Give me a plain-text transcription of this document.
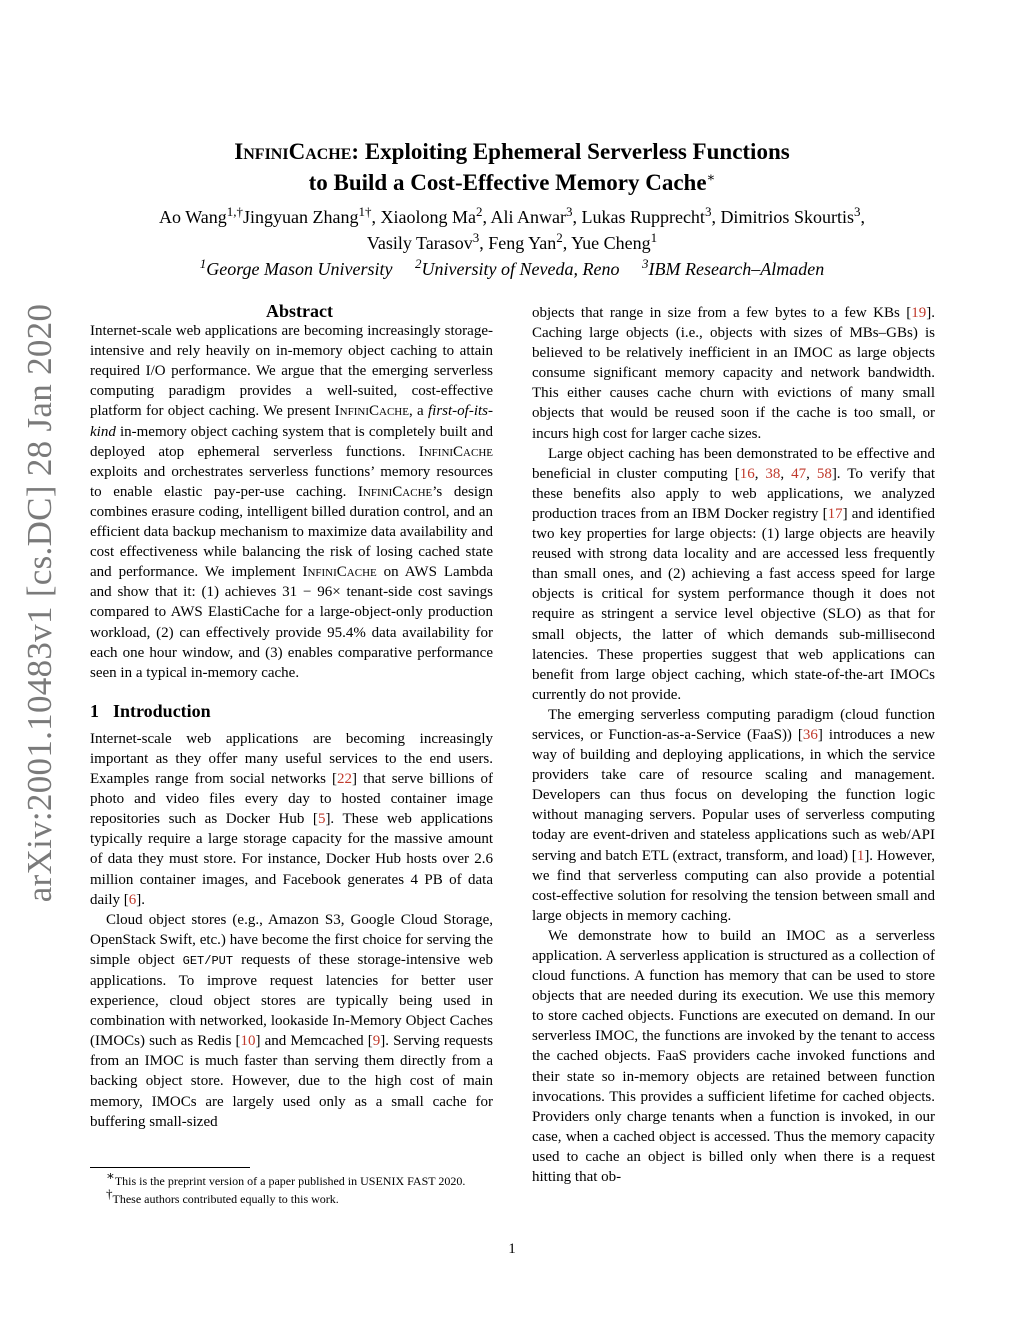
arXiv:2001.10483v1 [cs.DC] 28 Jan 2020
InfiniCache: Exploiting Ephemeral Serverless Functions
to Build a Cost-Effective Memory Cache∗
Ao Wang$^{1,\dagger}$Jingyuan Zhang$^{1\dagger}$, Xiaolong Ma$^2$, Ali Anwar$^3$, Lukas Rupprecht$^3$, Dimitrios Skourtis$^3$,
Vasily Tarasov$^3$, Feng Yan$^2$, Yue Cheng$^1$
$^1$George Mason University $^2$University of Neveda, Reno $^3$IBM Research–Almaden

Abstract

Internet-scale web applications are becoming increasingly storage-intensive and rely heavily on in-memory object caching to attain required I/O performance. We argue that the emerging serverless computing paradigm provides a well-suited, cost-effective platform for object caching. We present InfiniCache, a first-of-its-kind in-memory object caching system that is completely built and deployed atop ephemeral serverless functions. InfiniCache exploits and orchestrates serverless functions’ memory resources to enable elastic pay-per-use caching. InfiniCache’s design combines erasure coding, intelligent billed duration control, and an efficient data backup mechanism to maximize data availability and cost effectiveness while balancing the risk of losing cached state and performance. We implement InfiniCache on AWS Lambda and show that it: (1) achieves 31 − 96× tenant-side cost savings compared to AWS ElastiCache for a large-object-only production workload, (2) can effectively provide 95.4% data availability for each one hour window, and (3) enables comparative performance seen in a typical in-memory cache.

1 Introduction

Internet-scale web applications are becoming increasingly important as they offer many useful services to the end users. Examples range from social networks [22] that serve billions of photo and video files every day to hosted container image repositories such as Docker Hub [5]. These web applications typically require a large storage capacity for the massive amount of data they must store. For instance, Docker Hub hosts over 2.6 million container images, and Facebook generates 4 PB of data daily [6].

Cloud object stores (e.g., Amazon S3, Google Cloud Storage, OpenStack Swift, etc.) have become the first choice for serving the simple object GET/PUT requests of these storage-intensive web applications. To improve request latencies for better user experience, cloud object stores are typically being used in combination with networked, lookaside In-Memory Object Caches (IMOCs) such as Redis [10] and Memcached [9]. Serving requests from an IMOC is much faster than serving them directly from a backing object store. However, due to the high cost of main memory, IMOCs are largely used only as a small cache for buffering small-sized

objects that range in size from a few bytes to a few KBs [19]. Caching large objects (i.e., objects with sizes of MBs–GBs) is believed to be relatively inefficient in an IMOC as large objects consume significant memory capacity and network bandwidth. This either causes cache churn with evictions of many small objects that would be reused soon if the cache is too small, or incurs high cost for larger cache sizes.

Large object caching has been demonstrated to be effective and beneficial in cluster computing [16, 38, 47, 58]. To verify that these benefits also apply to web applications, we analyzed production traces from an IBM Docker registry [17] and identified two key properties for large objects: (1) large objects are heavily reused with strong data locality and are accessed less frequently than small ones, and (2) achieving a fast access speed for large objects is critical for system performance though it does not require as stringent a service level objective (SLO) as that for small objects, the latter of which demands sub-millisecond latencies. These properties suggest that web applications can benefit from large object caching, which state-of-the-art IMOCs currently do not provide.

The emerging serverless computing paradigm (cloud function services, or Function-as-a-Service (FaaS)) [36] introduces a new way of building and deploying applications, in which the service providers take care of resource scaling and management. Developers can thus focus on developing the function logic without managing servers. Popular uses of serverless computing today are event-driven and stateless applications such as web/API serving and batch ETL (extract, transform, and load) [1]. However, we find that serverless computing can also provide a potential cost-effective solution for resolving the tension between small and large objects in memory caching.

We demonstrate how to build an IMOC as a serverless application. A serverless application is structured as a collection of cloud functions. A function has memory that can be used to store objects that are needed during its execution. We use this memory to store cached objects. Functions are executed on demand. In our serverless IMOC, the functions are invoked by the tenant to access the cached objects. FaaS providers cache invoked functions and their state so in-memory objects are retained between function invocations. This provides a sufficient lifetime for cached objects. Providers only charge tenants when a function is invoked, in our case, when a cached object is accessed. Thus the memory capacity used to cache an object is billed only when there is a request hitting that ob-

∗This is the preprint version of a paper published in USENIX FAST 2020.
†These authors contributed equally to this work.
1
